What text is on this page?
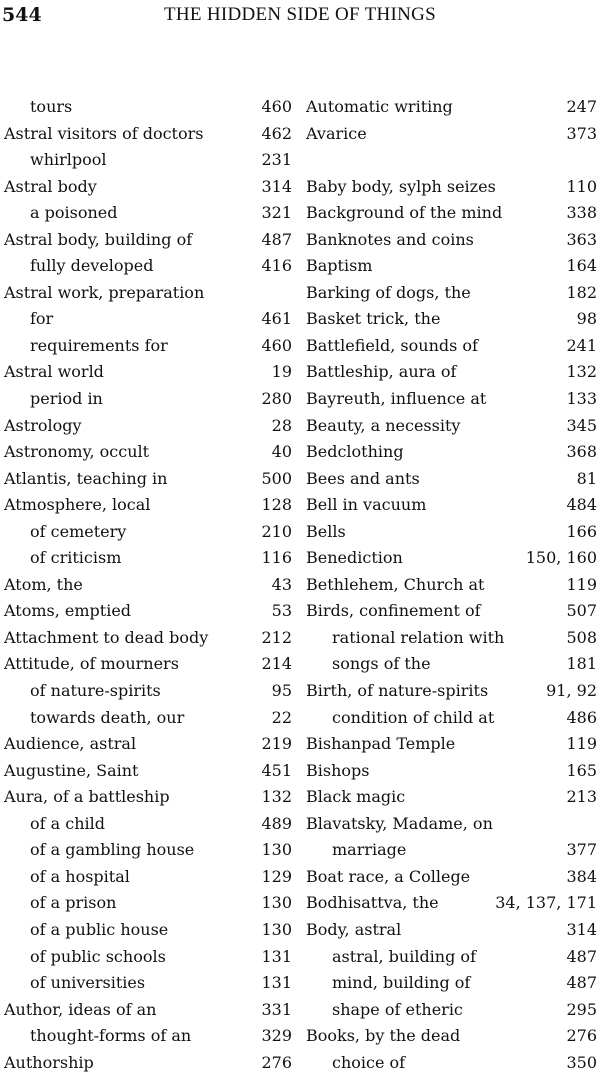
544	THE HIDDEN SIDE OF THINGS
tours	460
Astral visitors of doctors	462
whirlpool	231
Astral body	314
a poisoned	321
Astral body, building of	487
fully developed	416
Astral work, preparation
for	461
requirements for	460
Astral world	19
period in	280
Astrology	28
Astronomy, occult	40
Atlantis, teaching in	500
Atmosphere, local	128
of cemetery	210
of criticism	116
Atom, the	43
Atoms, emptied	53
Attachment to dead body	212
Attitude, of mourners	214
of nature-spirits	95
towards death, our	22
Audience, astral	219
Augustine, Saint	451
Aura, of a battleship	132
of a child	489
of a gambling house	130
of a hospital	129
of a prison	130
of a public house	130
of public schools	131
of universities	131
Author, ideas of an	331
thought-forms of an	329
Authorship	276
Automatic writing	247
Avarice	373
Baby body, sylph seizes	110
Background of the mind	338
Banknotes and coins	363
Baptism	164
Barking of dogs, the	182
Basket trick, the	98
Battlefield, sounds of	241
Battleship, aura of	132
Bayreuth, influence at	133
Beauty, a necessity	345
Bedclothing	368
Bees and ants	81
Bell in vacuum	484
Bells	166
Benediction	150, 160
Bethlehem, Church at	119
Birds, confinement of	507
rational relation with	508
songs of the	181
Birth, of nature-spirits	91, 92
condition of child at	486
Bishanpad Temple	119
Bishops	165
Black magic	213
Blavatsky, Madame, on
marriage	377
Boat race, a College	384
Bodhisattva, the	34, 137, 171
Body, astral	314
astral, building of	487
mind, building of	487
shape of etheric	295
Books, by the dead	276
choice of	350
